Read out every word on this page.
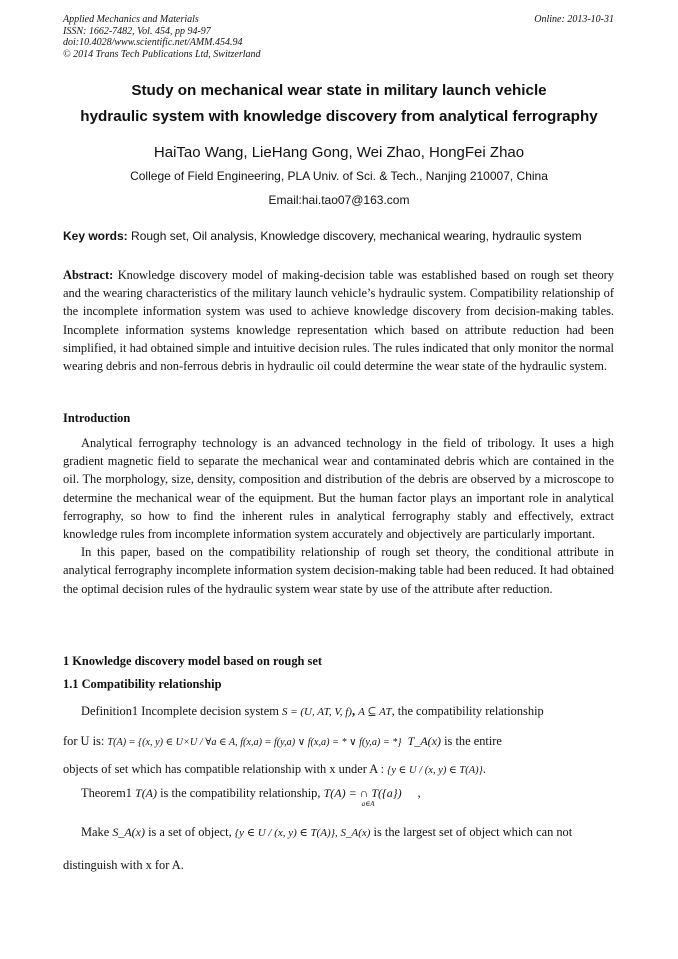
Applied Mechanics and Materials
ISSN: 1662-7482, Vol. 454, pp 94-97
doi:10.4028/www.scientific.net/AMM.454.94
© 2014 Trans Tech Publications Ltd, Switzerland
Online: 2013-10-31
Study on mechanical wear state in military launch vehicle
hydraulic system with knowledge discovery from analytical ferrography
HaiTao Wang, LieHang Gong, Wei Zhao, HongFei Zhao
College of Field Engineering, PLA Univ. of Sci. & Tech., Nanjing 210007, China
Email:hai.tao07@163.com
Key words: Rough set, Oil analysis, Knowledge discovery, mechanical wearing, hydraulic system

Abstract: Knowledge discovery model of making-decision table was established based on rough set theory and the wearing characteristics of the military launch vehicle’s hydraulic system. Compatibility relationship of the incomplete information system was used to achieve knowledge discovery from decision-making tables. Incomplete information systems knowledge representation which based on attribute reduction had been simplified, it had obtained simple and intuitive decision rules. The rules indicated that only monitor the normal wearing debris and non-ferrous debris in hydraulic oil could determine the wear state of the hydraulic system.

Introduction

Analytical ferrography technology is an advanced technology in the field of tribology. It uses a high gradient magnetic field to separate the mechanical wear and contaminated debris which are contained in the oil. The morphology, size, density, composition and distribution of the debris are observed by a microscope to determine the mechanical wear of the equipment. But the human factor plays an important role in analytical ferrography, so how to find the inherent rules in analytical ferrography stably and effectively, extract knowledge rules from incomplete information system accurately and objectively are particularly important.

In this paper, based on the compatibility relationship of rough set theory, the conditional attribute in analytical ferrography incomplete information system decision-making table had been reduced. It had obtained the optimal decision rules of the hydraulic system wear state by use of the attribute after reduction.

1 Knowledge discovery model based on rough set
1.1 Compatibility relationship
Definition1 Incomplete decision system S = (U, AT, V, f), A ⊆ AT, the compatibility relationship
for U is: T(A) = {(x, y) ∈ U×U / ∀a ∈ A, f(x,a) = f(y,a) ∨ f(x,a) = * ∨ f(y,a) = *} T_A(x) is the entire
objects of set which has compatible relationship with x under A : {y ∈ U / (x, y) ∈ T(A)}.
Theorem1 T(A) is the compatibility relationship, T(A) = ∩ $T(\{a\})_{a\in A}$ ,
Make S_A(x) is a set of object, {y ∈ U / (x, y) ∈ T(A)}, S_A(x) is the largest set of object which can not
distinguish with x for A.
